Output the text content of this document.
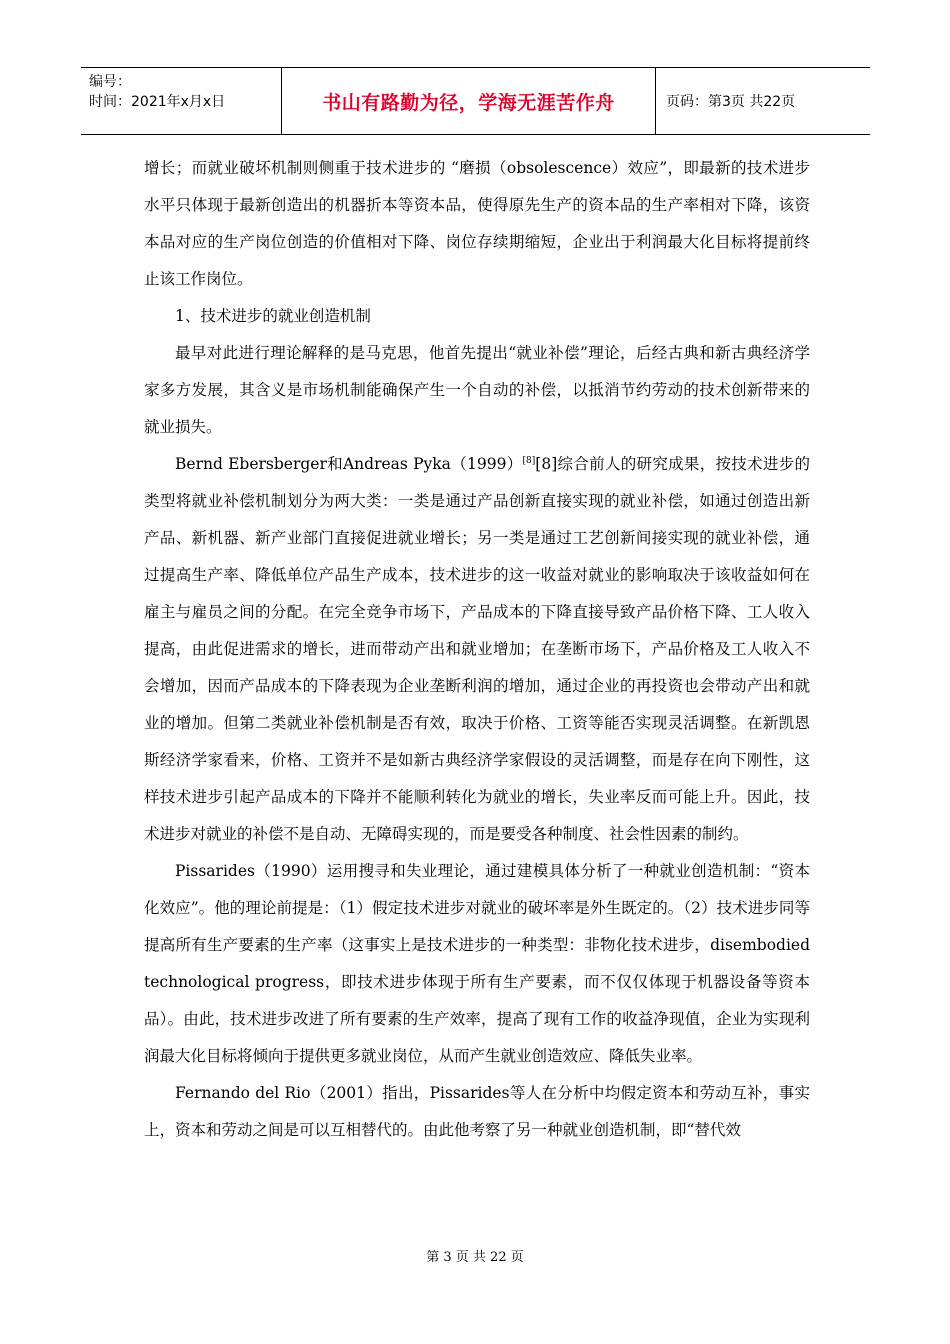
编号：
时间：2021年x月x日	书山有路勤为径，学海无涯苦作舟	页码：第3页 共22页

增长；而就业破坏机制则侧重于技术进步的 “磨损（obsolescence）效应”，即最新的技术进步水平只体现于最新创造出的机器折本等资本品，使得原先生产的资本品的生产率相对下降，该资本品对应的生产岗位创造的价值相对下降、岗位存续期缩短，企业出于利润最大化目标将提前终止该工作岗位。

1、技术进步的就业创造机制

最早对此进行理论解释的是马克思，他首先提出“就业补偿”理论，后经古典和新古典经济学家多方发展，其含义是市场机制能确保产生一个自动的补偿，以抵消节约劳动的技术创新带来的就业损失。

Bernd Ebersberger和Andreas Pyka（1999）[8][8]综合前人的研究成果，按技术进步的类型将就业补偿机制划分为两大类：一类是通过产品创新直接实现的就业补偿，如通过创造出新产品、新机器、新产业部门直接促进就业增长；另一类是通过工艺创新间接实现的就业补偿，通过提高生产率、降低单位产品生产成本，技术进步的这一收益对就业的影响取决于该收益如何在雇主与雇员之间的分配。在完全竞争市场下，产品成本的下降直接导致产品价格下降、工人收入提高，由此促进需求的增长，进而带动产出和就业增加；在垄断市场下，产品价格及工人收入不会增加，因而产品成本的下降表现为企业垄断利润的增加，通过企业的再投资也会带动产出和就业的增加。但第二类就业补偿机制是否有效，取决于价格、工资等能否实现灵活调整。在新凯恩斯经济学家看来，价格、工资并不是如新古典经济学家假设的灵活调整，而是存在向下刚性，这样技术进步引起产品成本的下降并不能顺利转化为就业的增长，失业率反而可能上升。因此，技术进步对就业的补偿不是自动、无障碍实现的，而是要受各种制度、社会性因素的制约。

Pissarides（1990）运用搜寻和失业理论，通过建模具体分析了一种就业创造机制：“资本化效应”。他的理论前提是：（1）假定技术进步对就业的破坏率是外生既定的。（2）技术进步同等提高所有生产要素的生产率（这事实上是技术进步的一种类型：非物化技术进步，disembodied technological progress，即技术进步体现于所有生产要素，而不仅仅体现于机器设备等资本品）。由此，技术进步改进了所有要素的生产效率，提高了现有工作的收益净现值，企业为实现利润最大化目标将倾向于提供更多就业岗位，从而产生就业创造效应、降低失业率。

Fernando del Rio（2001）指出，Pissarides等人在分析中均假定资本和劳动互补，事实上，资本和劳动之间是可以互相替代的。由此他考察了另一种就业创造机制，即“替代效

第 3 页 共 22 页
